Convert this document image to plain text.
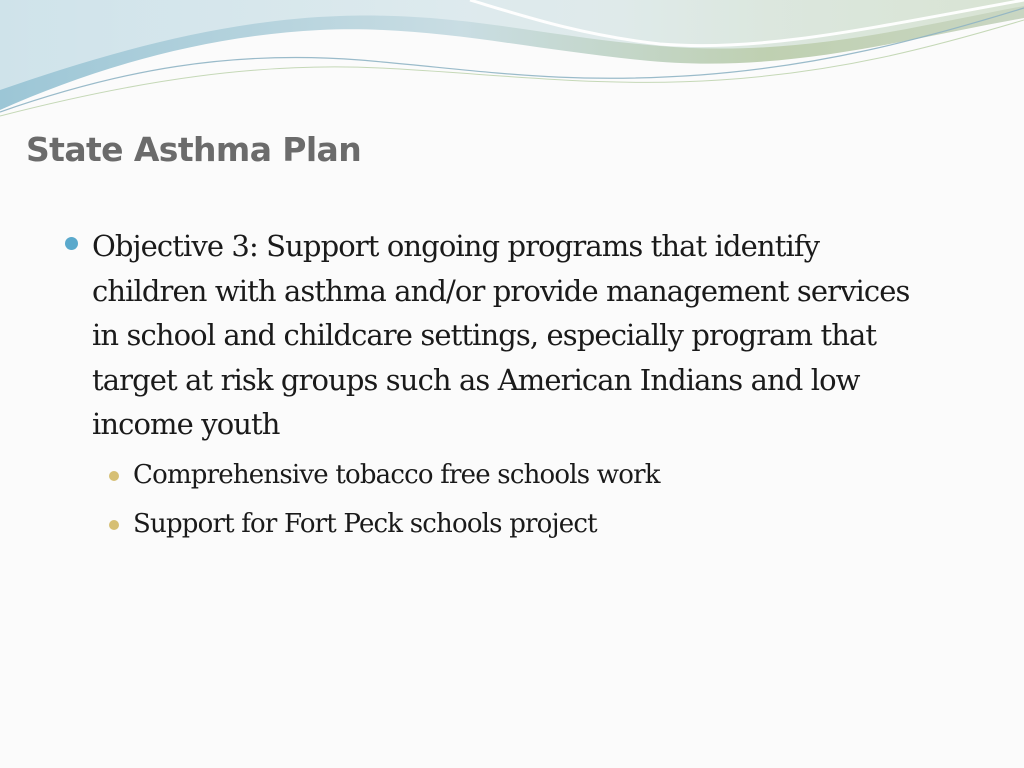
State Asthma Plan
Objective 3: Support ongoing programs that identify children with asthma and/or provide management services in school and childcare settings, especially program that target at risk groups such as American Indians and low income youth
Comprehensive tobacco free schools work
Support for Fort Peck schools project
